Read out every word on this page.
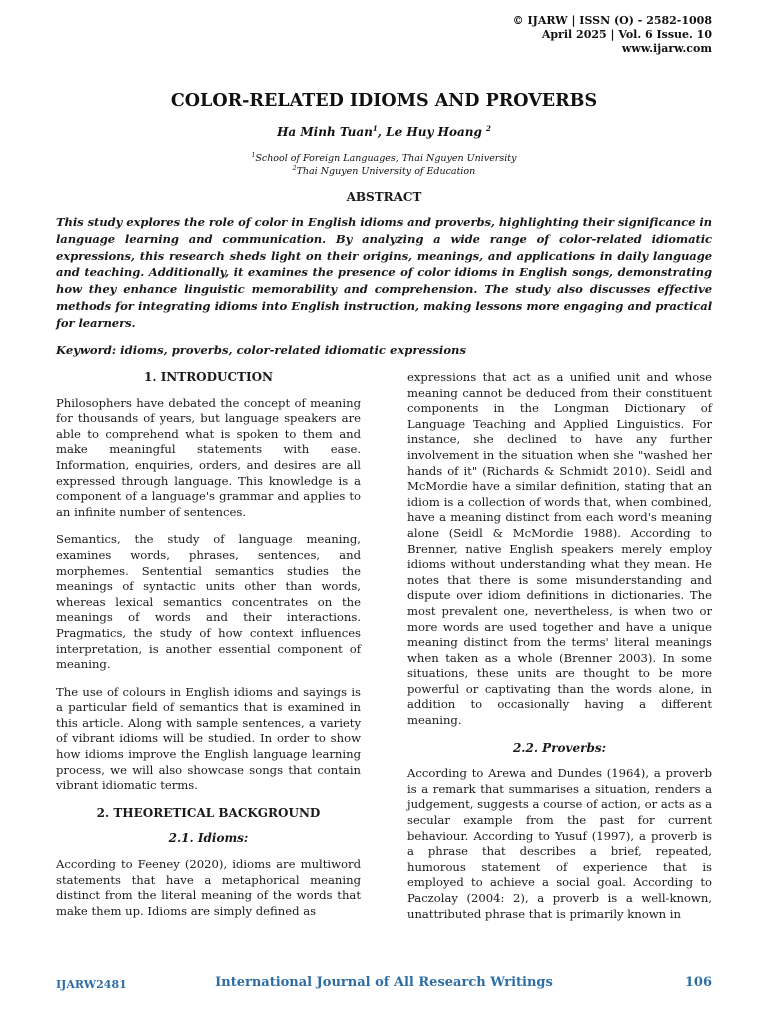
© IJARW | ISSN (O) - 2582-1008
April 2025 | Vol. 6 Issue. 10
www.ijarw.com
COLOR-RELATED IDIOMS AND PROVERBS
Ha Minh Tuan$^1$, Le Huy Hoang $^2$
$^1$School of Foreign Languages, Thai Nguyen University
$^2$Thai Nguyen University of Education
ABSTRACT

This study explores the role of color in English idioms and proverbs, highlighting their significance in language learning and communication. By analyzing a wide range of color-related idiomatic expressions, this research sheds light on their origins, meanings, and applications in daily language and teaching. Additionally, it examines the presence of color idioms in English songs, demonstrating how they enhance linguistic memorability and comprehension. The study also discusses effective methods for integrating idioms into English instruction, making lessons more engaging and practical for learners.

Keyword: idioms, proverbs, color-related idiomatic expressions
1. INTRODUCTION

Philosophers have debated the concept of meaning for thousands of years, but language speakers are able to comprehend what is spoken to them and make meaningful statements with ease. Information, enquiries, orders, and desires are all expressed through language. This knowledge is a component of a language's grammar and applies to an infinite number of sentences.

Semantics, the study of language meaning, examines words, phrases, sentences, and morphemes. Sentential semantics studies the meanings of syntactic units other than words, whereas lexical semantics concentrates on the meanings of words and their interactions. Pragmatics, the study of how context influences interpretation, is another essential component of meaning.

The use of colours in English idioms and sayings is a particular field of semantics that is examined in this article. Along with sample sentences, a variety of vibrant idioms will be studied. In order to show how idioms improve the English language learning process, we will also showcase songs that contain vibrant idiomatic terms.

2. THEORETICAL BACKGROUND
2.1. Idioms:

According to Feeney (2020), idioms are multiword statements that have a metaphorical meaning distinct from the literal meaning of the words that make them up. Idioms are simply defined as

expressions that act as a unified unit and whose meaning cannot be deduced from their constituent components in the Longman Dictionary of Language Teaching and Applied Linguistics. For instance, she declined to have any further involvement in the situation when she "washed her hands of it" (Richards & Schmidt 2010). Seidl and McMordie have a similar definition, stating that an idiom is a collection of words that, when combined, have a meaning distinct from each word's meaning alone (Seidl & McMordie 1988). According to Brenner, native English speakers merely employ idioms without understanding what they mean. He notes that there is some misunderstanding and dispute over idiom definitions in dictionaries. The most prevalent one, nevertheless, is when two or more words are used together and have a unique meaning distinct from the terms' literal meanings when taken as a whole (Brenner 2003). In some situations, these units are thought to be more powerful or captivating than the words alone, in addition to occasionally having a different meaning.

2.2. Proverbs:

According to Arewa and Dundes (1964), a proverb is a remark that summarises a situation, renders a judgement, suggests a course of action, or acts as a secular example from the past for current behaviour. According to Yusuf (1997), a proverb is a phrase that describes a brief, repeated, humorous statement of experience that is employed to achieve a social goal. According to Paczolay (2004: 2), a proverb is a well-known, unattributed phrase that is primarily known in

IJARW2481	International Journal of All Research Writings	106
